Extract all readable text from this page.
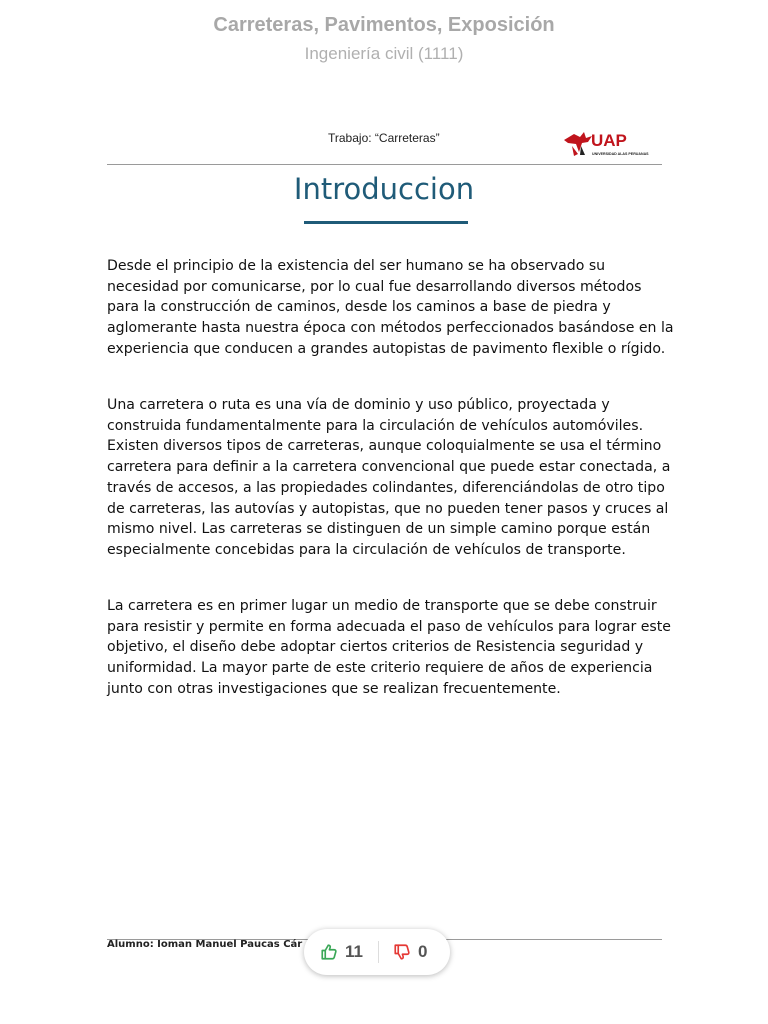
Carreteras, Pavimentos, Exposición
Ingeniería civil (1111)
Trabajo: “Carreteras”	UAP
UNIVERSIDAD ALAS PERUANAS
Introduccion

Desde el principio de la existencia del ser humano se ha observado su necesidad por comunicarse, por lo cual fue desarrollando diversos métodos para la construcción de caminos, desde los caminos a base de piedra y aglomerante hasta nuestra época con métodos perfeccionados basándose en la experiencia que conducen a grandes autopistas de pavimento flexible o rígido.

Una carretera o ruta es una vía de dominio y uso público, proyectada y construida fundamentalmente para la circulación de vehículos automóviles. Existen diversos tipos de carreteras, aunque coloquialmente se usa el término carretera para definir a la carretera convencional que puede estar conectada, a través de accesos, a las propiedades colindantes, diferenciándolas de otro tipo de carreteras, las autovías y autopistas, que no pueden tener pasos y cruces al mismo nivel. Las carreteras se distinguen de un simple camino porque están especialmente concebidas para la circulación de vehículos de transporte.

La carretera es en primer lugar un medio de transporte que se debe construir para resistir y permite en forma adecuada el paso de vehículos para lograr este objetivo, el diseño debe adoptar ciertos criterios de Resistencia seguridad y uniformidad. La mayor parte de este criterio requiere de años de experiencia junto con otras investigaciones que se realizan frecuentemente.

Alumno: Ioman Manuel Paucas Cár	11	0
